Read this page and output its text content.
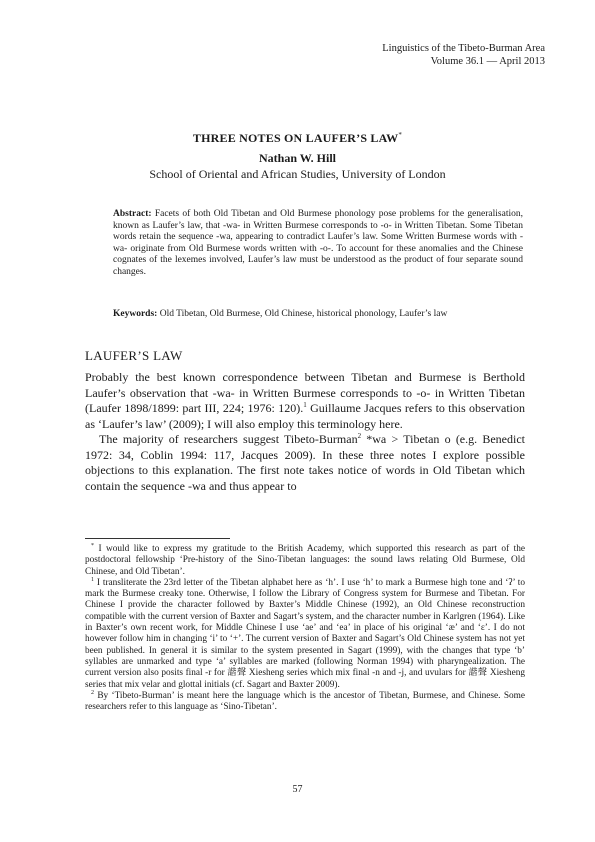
Linguistics of the Tibeto-Burman Area
Volume 36.1 — April 2013
THREE NOTES ON LAUFER’S LAW*
Nathan W. Hill
School of Oriental and African Studies, University of London
Abstract: Facets of both Old Tibetan and Old Burmese phonology pose problems for the generalisation, known as Laufer’s law, that -wa- in Written Burmese corresponds to -o- in Written Tibetan. Some Tibetan words retain the sequence -wa, appearing to contradict Laufer’s law. Some Written Burmese words with -wa- originate from Old Burmese words written with -o-. To account for these anomalies and the Chinese cognates of the lexemes involved, Laufer’s law must be understood as the product of four separate sound changes.
Keywords: Old Tibetan, Old Burmese, Old Chinese, historical phonology, Laufer’s law
LAUFER’S LAW

Probably the best known correspondence between Tibetan and Burmese is Berthold Laufer’s observation that -wa- in Written Burmese corresponds to -o- in Written Tibetan (Laufer 1898/1899: part III, 224; 1976: 120).$^1$ Guillaume Jacques refers to this observation as ‘Laufer’s law’ (2009); I will also employ this terminology here.

The majority of researchers suggest Tibeto-Burman$^2$ *wa > Tibetan o (e.g. Benedict 1972: 34, Coblin 1994: 117, Jacques 2009). In these three notes I explore possible objections to this explanation. The first note takes notice of words in Old Tibetan which contain the sequence -wa and thus appear to

* I would like to express my gratitude to the British Academy, which supported this research as part of the postdoctoral fellowship ‘Pre-history of the Sino-Tibetan languages: the sound laws relating Old Burmese, Old Chinese, and Old Tibetan’.

$^1$ I transliterate the 23rd letter of the Tibetan alphabet here as ‘h’. I use ‘h’ to mark a Burmese high tone and ‘ʔ’ to mark the Burmese creaky tone. Otherwise, I follow the Library of Congress system for Burmese and Tibetan. For Chinese I provide the character followed by Baxter’s Middle Chinese (1992), an Old Chinese reconstruction compatible with the current version of Baxter and Sagart’s system, and the character number in Karlgren (1964). Like in Baxter’s own recent work, for Middle Chinese I use ‘ae’ and ‘ea’ in place of his original ‘æ’ and ‘ε’. I do not however follow him in changing ‘i’ to ‘+’. The current version of Baxter and Sagart’s Old Chinese system has not yet been published. In general it is similar to the system presented in Sagart (1999), with the changes that type ‘b’ syllables are unmarked and type ‘a’ syllables are marked (following Norman 1994) with pharyngealization. The current version also posits final -r for 諧聲 Xiesheng series which mix final -n and -j, and uvulars for 諧聲 Xiesheng series that mix velar and glottal initials (cf. Sagart and Baxter 2009).

$^2$ By ‘Tibeto-Burman’ is meant here the language which is the ancestor of Tibetan, Burmese, and Chinese. Some researchers refer to this language as ‘Sino-Tibetan’.

57
